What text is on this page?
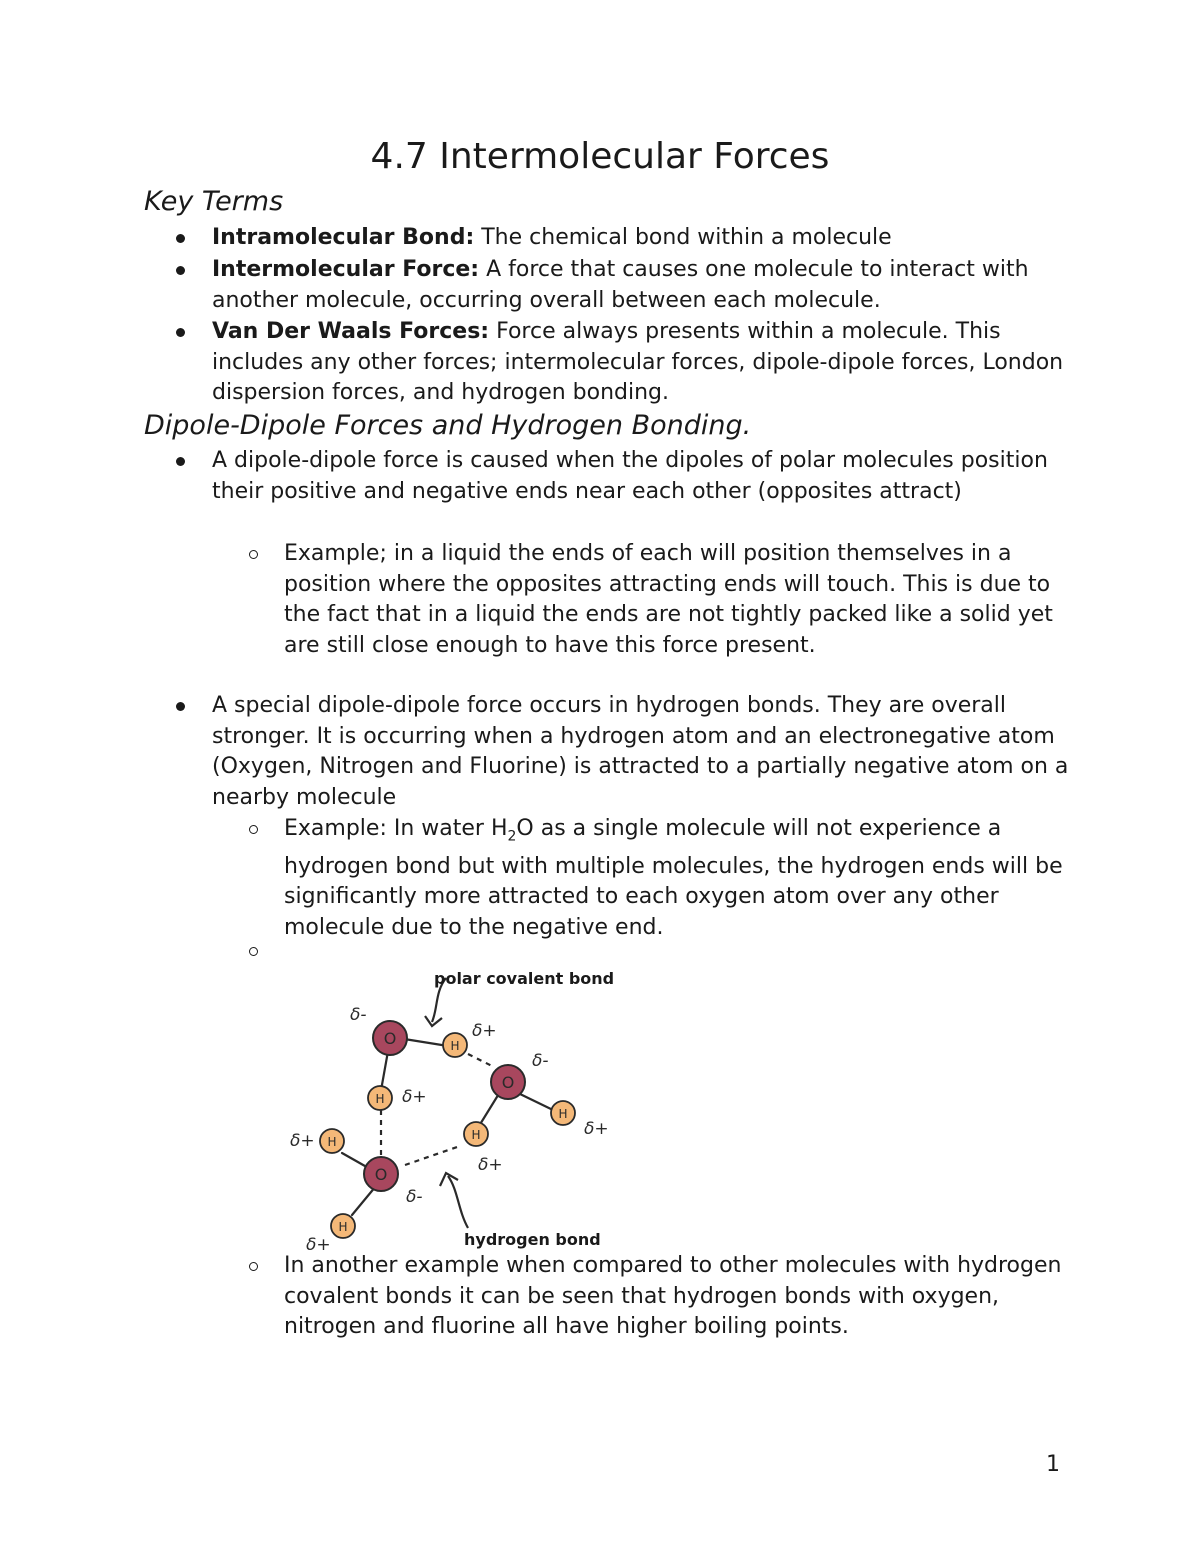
4.7 Intermolecular Forces
Key Terms
Intramolecular Bond: The chemical bond within a molecule
Intermolecular Force: A force that causes one molecule to interact with another molecule, occurring overall between each molecule.
Van Der Waals Forces: Force always presents within a molecule. This includes any other forces; intermolecular forces, dipole-dipole forces, London dispersion forces, and hydrogen bonding.
Dipole-Dipole Forces and Hydrogen Bonding.
A dipole-dipole force is caused when the dipoles of polar molecules position their positive and negative ends near each other (opposites attract)
Example; in a liquid the ends of each will position themselves in a position where the opposites attracting ends will touch. This is due to the fact that in a liquid the ends are not tightly packed like a solid yet are still close enough to have this force present.
A special dipole-dipole force occurs in hydrogen bonds. They are overall stronger. It is occurring when a hydrogen atom and an electronegative atom (Oxygen, Nitrogen and Fluorine) is attracted to a partially negative atom on a nearby molecule
Example: In water $H_2O$ as a single molecule will not experience a hydrogen bond but with multiple molecules, the hydrogen ends will be significantly more attracted to each oxygen atom over any other molecule due to the negative end.
O
O
O
H
H
H
H
H
H
δ-
δ+
δ-
δ+
δ+
δ+
δ+
δ-
δ+
polar covalent bond
hydrogen bond
In another example when compared to other molecules with hydrogen covalent bonds it can be seen that hydrogen bonds with oxygen, nitrogen and fluorine all have higher boiling points.
1
